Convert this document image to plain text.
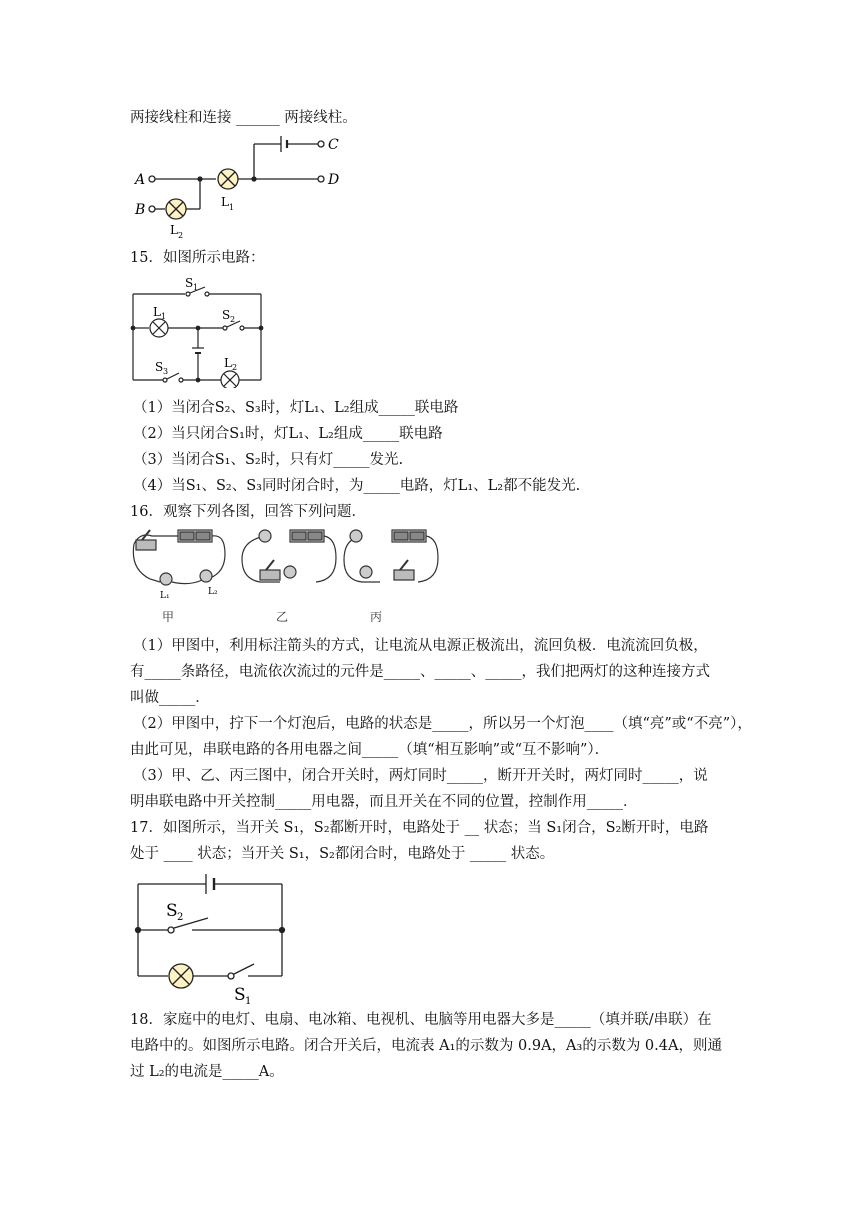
两接线柱和连接 ______ 两接线柱。
A
B
C
D
L 1
L 2
15．如图所示电路：
S 1
L 1	S 2
S 3
L 2
（1）当闭合S₂、S₃时，灯L₁、L₂组成_____联电路
（2）当只闭合S₁时，灯L₁、L₂组成_____联电路
（3）当闭合S₁、S₂时，只有灯_____发光.
（4）当S₁、S₂、S₃同时闭合时，为_____电路，灯L₁、L₂都不能发光.
16．观察下列各图，回答下列问题．
L₁	L₂
甲	乙	丙
（1）甲图中，利用标注箭头的方式，让电流从电源正极流出，流回负极．电流流回负极，
有_____条路径，电流依次流过的元件是_____、_____、_____，我们把两灯的这种连接方式
叫做_____．
（2）甲图中，拧下一个灯泡后，电路的状态是_____，所以另一个灯泡____（填“亮”或“不亮”），
由此可见，串联电路的各用电器之间_____（填“相互影响”或“互不影响”）．
（3）甲、乙、丙三图中，闭合开关时，两灯同时_____，断开开关时，两灯同时_____，说
明串联电路中开关控制_____用电器，而且开关在不同的位置，控制作用_____．
17．如图所示，当开关 S₁，S₂都断开时，电路处于 __ 状态；当 S₁闭合，S₂断开时，电路
处于 ____ 状态；当开关 S₁，S₂都闭合时，电路处于 _____ 状态。
S 2
S 1
18．家庭中的电灯、电扇、电冰箱、电视机、电脑等用电器大多是_____（填并联/串联）在
电路中的。如图所示电路。闭合开关后，电流表 A₁的示数为 0.9A，A₃的示数为 0.4A，则通
过 L₂的电流是_____A。
